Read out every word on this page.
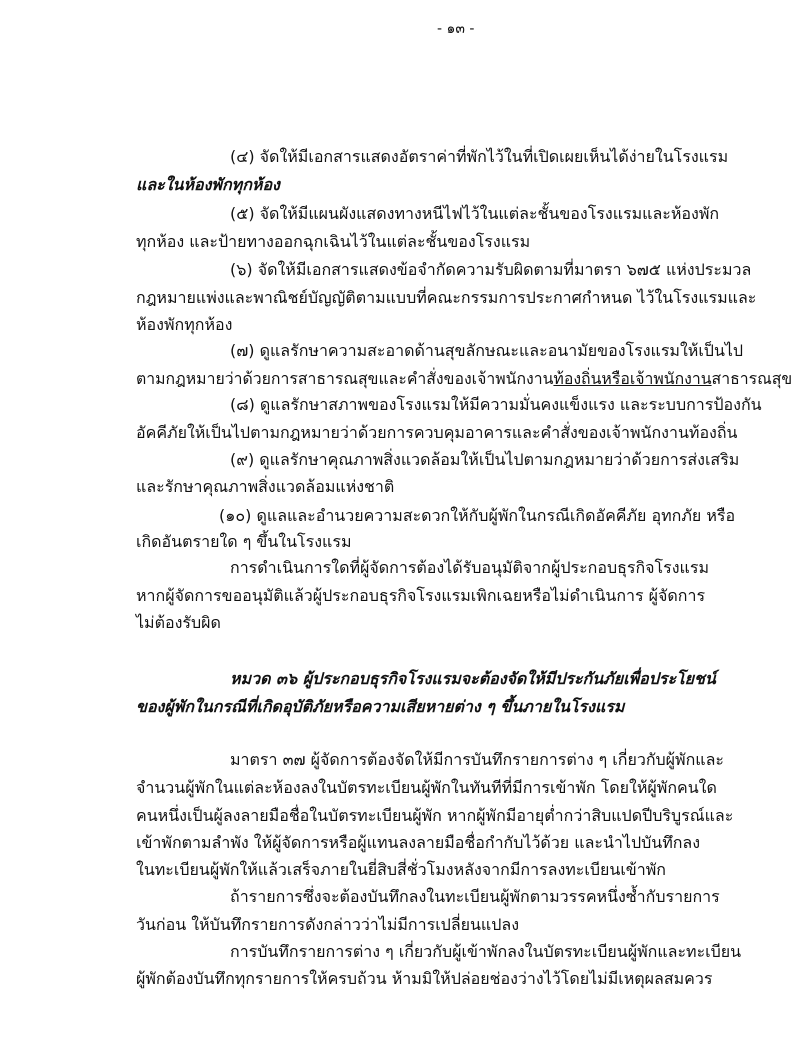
- ๑๓ -
(๔) จัดให้มีเอกสารแสดงอัตราค่าที่พักไว้ในที่เปิดเผยเห็นได้ง่ายในโรงแรม
และในห้องพักทุกห้อง
(๕) จัดให้มีแผนผังแสดงทางหนีไฟไว้ในแต่ละชั้นของโรงแรมและห้องพัก
ทุกห้อง และป้ายทางออกฉุกเฉินไว้ในแต่ละชั้นของโรงแรม
(๖) จัดให้มีเอกสารแสดงข้อจำกัดความรับผิดตามที่มาตรา ๖๗๕ แห่งประมวล
กฎหมายแพ่งและพาณิชย์บัญญัติตามแบบที่คณะกรรมการประกาศกำหนด ไว้ในโรงแรมและ
ห้องพักทุกห้อง
(๗) ดูแลรักษาความสะอาดด้านสุขลักษณะและอนามัยของโรงแรมให้เป็นไป
ตามกฎหมายว่าด้วยการสาธารณสุขและคำสั่งของเจ้าพนักงานท้องถิ่นหรือเจ้าพนักงานสาธารณสุข
(๘) ดูแลรักษาสภาพของโรงแรมให้มีความมั่นคงแข็งแรง และระบบการป้องกัน
อัคคีภัยให้เป็นไปตามกฎหมายว่าด้วยการควบคุมอาคารและคำสั่งของเจ้าพนักงานท้องถิ่น
(๙) ดูแลรักษาคุณภาพสิ่งแวดล้อมให้เป็นไปตามกฎหมายว่าด้วยการส่งเสริม
และรักษาคุณภาพสิ่งแวดล้อมแห่งชาติ
(๑๐) ดูแลและอำนวยความสะดวกให้กับผู้พักในกรณีเกิดอัคคีภัย อุทกภัย หรือ
เกิดอันตรายใด ๆ ขึ้นในโรงแรม
การดำเนินการใดที่ผู้จัดการต้องได้รับอนุมัติจากผู้ประกอบธุรกิจโรงแรม
หากผู้จัดการขออนุมัติแล้วผู้ประกอบธุรกิจโรงแรมเพิกเฉยหรือไม่ดำเนินการ ผู้จัดการ
ไม่ต้องรับผิด
หมวด ๓๖ ผู้ประกอบธุรกิจโรงแรมจะต้องจัดให้มีประกันภัยเพื่อประโยชน์
ของผู้พักในกรณีที่เกิดอุบัติภัยหรือความเสียหายต่าง ๆ ขึ้นภายในโรงแรม
มาตรา ๓๗ ผู้จัดการต้องจัดให้มีการบันทึกรายการต่าง ๆ เกี่ยวกับผู้พักและ
จำนวนผู้พักในแต่ละห้องลงในบัตรทะเบียนผู้พักในทันทีที่มีการเข้าพัก โดยให้ผู้พักคนใด
คนหนึ่งเป็นผู้ลงลายมือชื่อในบัตรทะเบียนผู้พัก หากผู้พักมีอายุต่ำกว่าสิบแปดปีบริบูรณ์และ
เข้าพักตามลำพัง ให้ผู้จัดการหรือผู้แทนลงลายมือชื่อกำกับไว้ด้วย และนำไปบันทึกลง
ในทะเบียนผู้พักให้แล้วเสร็จภายในยี่สิบสี่ชั่วโมงหลังจากมีการลงทะเบียนเข้าพัก
ถ้ารายการซึ่งจะต้องบันทึกลงในทะเบียนผู้พักตามวรรคหนึ่งซ้ำกับรายการ
วันก่อน ให้บันทึกรายการดังกล่าวว่าไม่มีการเปลี่ยนแปลง
การบันทึกรายการต่าง ๆ เกี่ยวกับผู้เข้าพักลงในบัตรทะเบียนผู้พักและทะเบียน
ผู้พักต้องบันทึกทุกรายการให้ครบถ้วน ห้ามมิให้ปล่อยช่องว่างไว้โดยไม่มีเหตุผลสมควร
